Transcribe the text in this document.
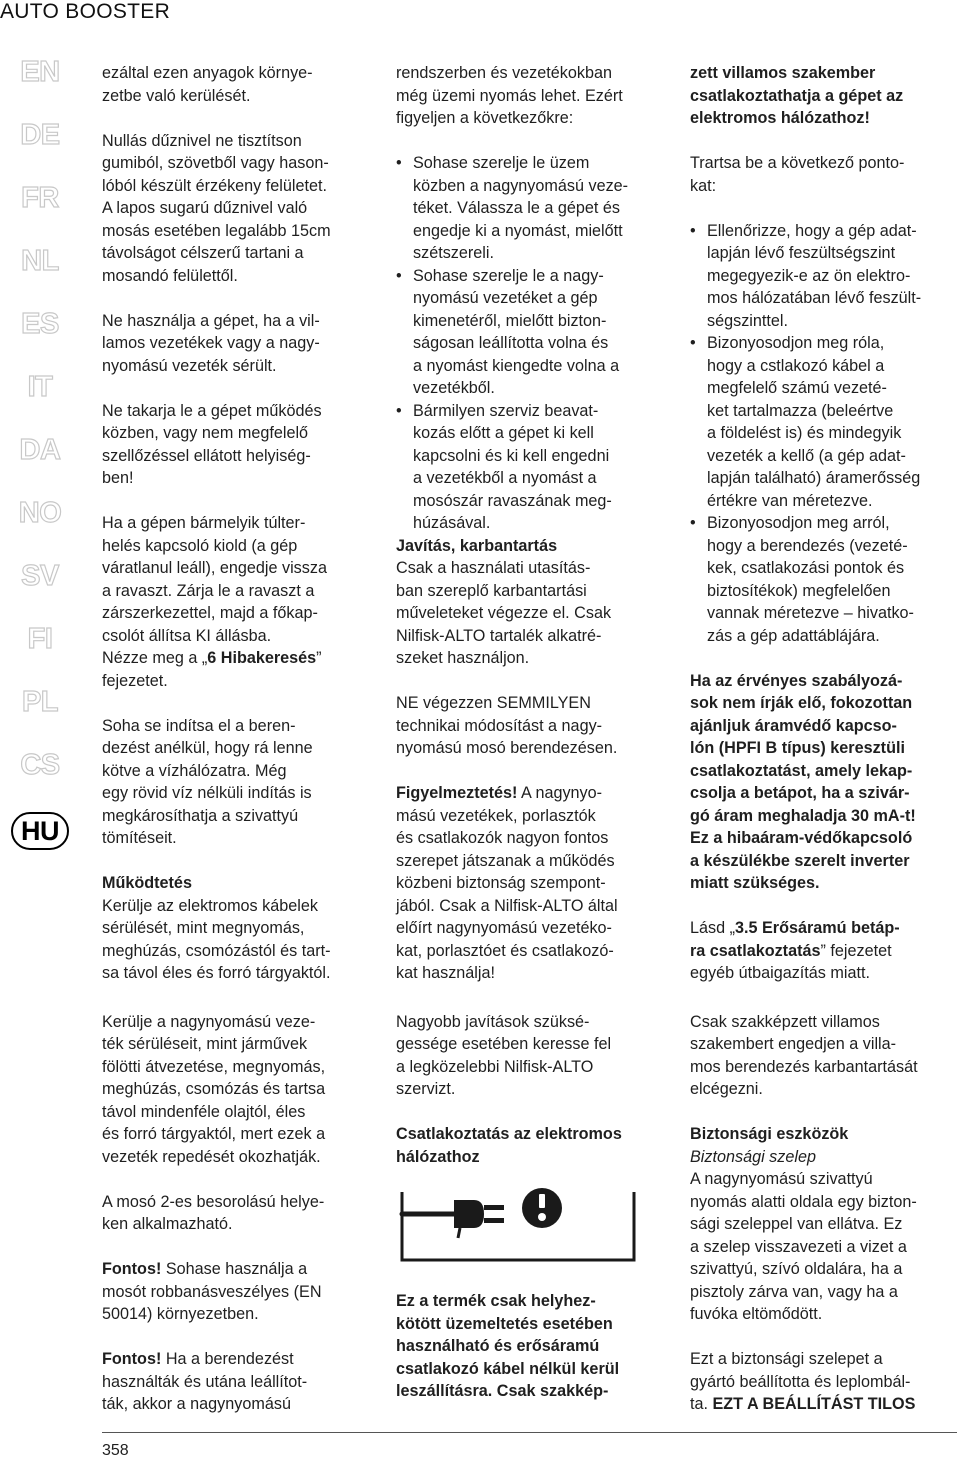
AUTO BOOSTER
EN
DE
FR
NL
ES
IT
DA
NO
SV
FI
PL
CS
HU

ezáltal ezen anyagok környe-
zetbe való kerülését.

Nullás dűznivel ne tisztítson
gumiból, szövetből vagy hason-
lóból készült érzékeny felületet.
A lapos sugarú dűznivel való
mosás esetében legalább 15cm
távolságot célszerű tartani a
mosandó felülettől.

Ne használja a gépet, ha a vil-
lamos vezetékek vagy a nagy-
nyomású vezeték sérült.

Ne takarja le a gépet működés
közben, vagy nem megfelelő
szellőzéssel ellátott helyiség-
ben!

Ha a gépen bármelyik túlter-
helés kapcsoló kiold (a gép
váratlanul leáll), engedje vissza
a ravaszt. Zárja le a ravaszt a
zárszerkezettel, majd a főkap-
csolót állítsa KI állásba.

Nézze meg a „6 Hibakeresés”
fejezetet.

Soha se indítsa el a beren-
dezést anélkül, hogy rá lenne
kötve a vízhálózatra. Még
egy rövid víz nélküli indítás is
megkárosíthatja a szivattyú
tömítéseit.

Működtetés

Kerülje az elektromos kábelek
sérülését, mint megnyomás,
meghúzás, csomózástól és tart-
sa távol éles és forró tárgyaktól.

Kerülje a nagynyomású veze-
ték sérüléseit, mint járművek
fölötti átvezetése, megnyomás,
meghúzás, csomózás és tartsa
távol mindenféle olajtól, éles
és forró tárgyaktól, mert ezek a
vezeték repedését okozhatják.

A mosó 2-es besorolású helye-
ken alkalmazható.

Fontos! Sohase használja a
mosót robbanásveszélyes (EN
50014) környezetben.

Fontos! Ha a berendezést
használták és utána leállítot-
ták, akkor a nagynyomású

rendszerben és vezetékokban
még üzemi nyomás lehet. Ezért
figyeljen a következőkre:

• Sohase szerelje le üzem
közben a nagynyomású veze-
téket. Válassza le a gépet és
engedje ki a nyomást, mielőtt
szétszereli.
• Sohase szerelje le a nagy-
nyomású vezetéket a gép
kimenetéről, mielőtt bizton-
ságosan leállította volna és
a nyomást kiengedte volna a
vezetékből.
• Bármilyen szerviz beavat-
kozás előtt a gépet ki kell
kapcsolni és ki kell engedni
a vezetékből a nyomást a
mosószár ravaszának meg-
húzásával.

Javítás, karbantartás

Csak a használati utasítás-
ban szereplő karbantartási
műveleteket végezze el. Csak
Nilfisk-ALTO tartalék alkatré-
szeket használjon.

NE végezzen SEMMILYEN
technikai módosítást a nagy-
nyomású mosó berendezésen.

Figyelmeztetés! A nagynyo-
mású vezetékek, porlasztók
és csatlakozók nagyon fontos
szerepet játszanak a működés
közbeni biztonság szempont-
jából. Csak a Nilfisk-ALTO által
előírt nagynyomású vezetéko-
kat, porlasztóet és csatlakozó-
kat használja!

Nagyobb javítások szüksé-
gessége esetében keresse fel
a legközelebbi Nilfisk-ALTO
szervizt.

Csatlakoztatás az elektromos
hálózathoz

Ez a termék csak helyhez-
kötött üzemeltetés esetében
használható és erősáramú
csatlakozó kábel nélkül kerül
leszállításra. Csak szakkép-

zett villamos szakember
csatlakoztathatja a gépet az
elektromos hálózathoz!

Trartsa be a következő ponto-
kat:

• Ellenőrizze, hogy a gép adat-
lapján lévő feszültségszint
megegyezik-e az ön elektro-
mos hálózatában lévő feszült-
ségszinttel.
• Bizonyosodjon meg róla,
hogy a cstlakozó kábel a
megfelelő számú vezeté-
ket tartalmazza (beleértve
a földelést is) és mindegyik
vezeték a kellő (a gép adat-
lapján található) áramerősség
értékre van méretezve.
• Bizonyosodjon meg arról,
hogy a berendezés (vezeté-
kek, csatlakozási pontok és
biztosítékok) megfelelően
vannak méretezve – hivatko-
zás a gép adattáblájára.

Ha az érvényes szabályozá-
sok nem írják elő, fokozottan
ajánljuk áramvédő kapcso-
lón (HPFI B típus) keresztüli
csatlakoztatást, amely lekap-
csolja a betápot, ha a szivár-
gó áram meghaladja 30 mA-t!
Ez a hibaáram-védőkapcsoló
a készülékbe szerelt inverter
miatt szükséges.

Lásd „3.5 Erősáramú betáp-
ra csatlakoztatás” fejezetet
egyéb útbaigazítás miatt.

Csak szakképzett villamos
szakembert engedjen a villa-
mos berendezés karbantartását
elcégezni.

Biztonsági eszközök

Biztonsági szelep

A nagynyomású szivattyú
nyomás alatti oldala egy bizton-
sági szeleppel van ellátva. Ez
a szelep visszavezeti a vizet a
szivattyú, szívó oldalára, ha a
pisztoly zárva van, vagy ha a
fuvóka eltömődött.

Ezt a biztonsági szelepet a
gyártó beállította és leplombál-
ta. EZT A BEÁLLÍTÁST TILOS

358
